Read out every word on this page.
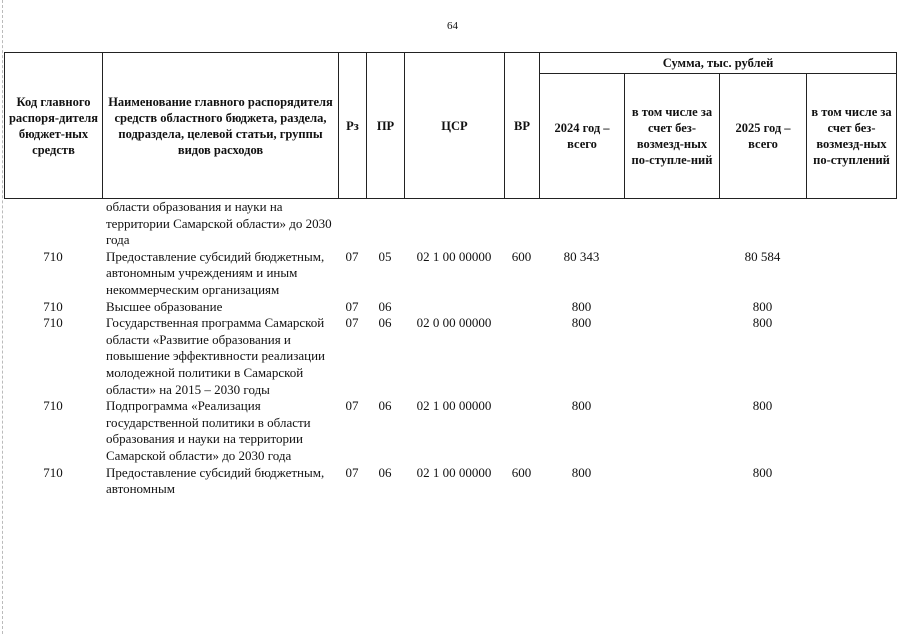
64
Код главного распоря-дителя бюджет-ных средств	Наименование главного распорядителя средств областного бюджета, раздела, подраздела, целевой статьи, группы видов расходов	Рз	ПР	ЦСР	ВР	Сумма, тыс. рублей			
						2024 год – всего	в том числе за счет без-возмезд-ных по-ступле-ний	2025 год – всего	в том числе за счет без-возмезд-ных по-ступлений
	области образования и науки на территории Самарской области» до 2030 года								
710	Предоставление субсидий бюджетным, автономным учреждениям и иным некоммерческим организациям	07	05	02 1 00 00000	600	80 343		80 584	
710	Высшее образование	07	06			800		800	
710	Государственная программа Самарской области «Развитие образования и повышение эффективности реализации молодежной политики в Самарской области» на 2015 – 2030 годы	07	06	02 0 00 00000		800		800	
710	Подпрограмма «Реализация государственной политики в области образования и науки на территории Самарской области» до 2030 года	07	06	02 1 00 00000		800		800	
710	Предоставление субсидий бюджетным, автономным	07	06	02 1 00 00000	600	800		800	
